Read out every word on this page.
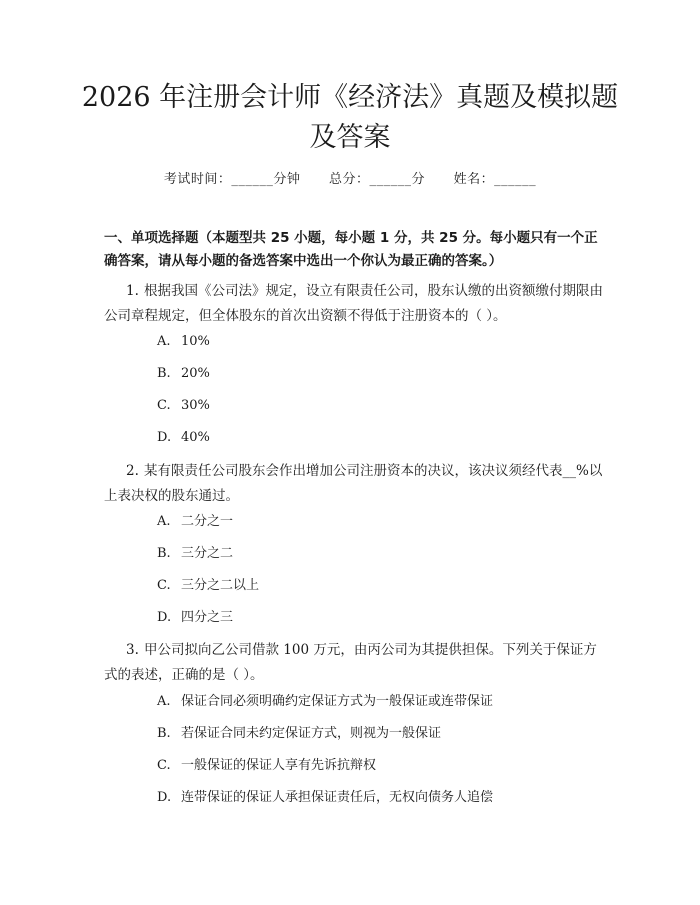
2026 年注册会计师《经济法》真题及模拟题
及答案
考试时间：______分钟 总分：______分 姓名：______
一、单项选择题（本题型共 25 小题，每小题 1 分，共 25 分。每小题只有一个正确答案，请从每小题的备选答案中选出一个你认为最正确的答案。）
1. 根据我国《公司法》规定，设立有限责任公司，股东认缴的出资额缴付期限由公司章程规定，但全体股东的首次出资额不得低于注册资本的（ ）。
A. 10%
B. 20%
C. 30%
D. 40%
2. 某有限责任公司股东会作出增加公司注册资本的决议，该决议须经代表__%以上表决权的股东通过。
A. 二分之一
B. 三分之二
C. 三分之二以上
D. 四分之三
3. 甲公司拟向乙公司借款 100 万元，由丙公司为其提供担保。下列关于保证方式的表述，正确的是（ ）。
A. 保证合同必须明确约定保证方式为一般保证或连带保证
B. 若保证合同未约定保证方式，则视为一般保证
C. 一般保证的保证人享有先诉抗辩权
D. 连带保证的保证人承担保证责任后，无权向债务人追偿
